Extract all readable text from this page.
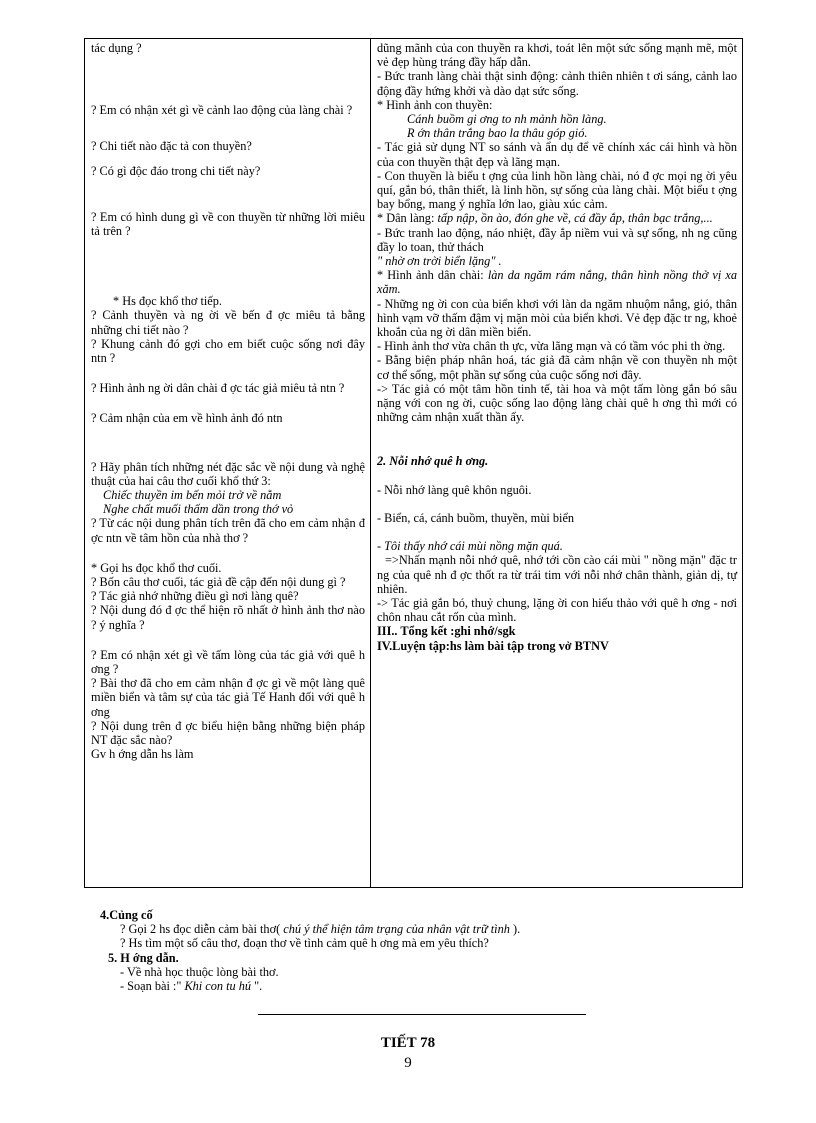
tác dụng ?

? Em có nhận xét gì về cảnh lao động của làng chài ?

? Chi tiết nào đặc tả con thuyền?

? Có gì độc đáo trong chi tiết này?

? Em có hình dung gì về con thuyền từ những lời miêu tả trên ?

* Hs đọc khổ thơ tiếp.

? Cảnh thuyền và ng ời về bến đ ợc miêu tả bằng những chi tiết nào ?

? Khung cảnh đó gợi cho em biết cuộc sống nơi đây ntn ?

? Hình ảnh ng ời dân chài đ ợc tác giả miêu tả ntn ?

? Cảm nhận của em về hình ảnh đó ntn

? Hãy phân tích những nét đặc sắc về nội dung và nghệ thuật của hai câu thơ cuối khổ thứ 3:

Chiếc thuyền im bến mỏi trở về nằm

Nghe chất muối thấm dần trong thớ vỏ

? Từ các nội dung phân tích trên đã cho em cảm nhận đ ợc ntn về tâm hồn của nhà thơ ?

* Gọi hs đọc khổ thơ cuối.

? Bốn câu thơ cuối, tác giả đề cập đến nội dung gì ?

? Tác giả nhớ những điều gì nơi làng quê?

? Nội dung đó đ ợc thể hiện rõ nhất ở hình ảnh thơ nào ? ý nghĩa ?

? Em có nhận xét gì về tấm lòng của tác giả với quê h ơng ?

? Bài thơ đã cho em cảm nhận đ ợc gì về một làng quê miền biển và tâm sự của tác giả Tế Hanh đối với quê h ơng

? Nội dung trên đ ợc biểu hiện bằng những biện pháp NT đặc sắc nào?

Gv h ớng dẫn hs làm

dũng mãnh của con thuyền ra khơi, toát lên một sức sống mạnh mẽ, một vẻ đẹp hùng tráng đầy hấp dẫn.

- Bức tranh làng chài thật sinh động: cảnh thiên nhiên t ơi sáng, cảnh lao động đầy hứng khởi và dào dạt sức sống.

* Hình ảnh con thuyền:

Cánh buồm gi ơng to nh mảnh hồn làng.

R ớn thân trắng bao la thâu góp gió.

- Tác giả sử dụng NT so sánh và ẩn dụ để vẽ chính xác cái hình và hồn của con thuyền thật đẹp và lãng mạn.

- Con thuyền là biểu t ợng của linh hồn làng chài, nó đ ợc mọi ng ời yêu quí, gắn bó, thân thiết, là linh hồn, sự sống của làng chài. Một biểu t ợng bay bổng, mang ý nghĩa lớn lao, giàu xúc cảm.

* Dân làng: tấp nập, ồn ào, đón ghe về, cá đầy ắp, thân bạc trắng,...

- Bức tranh lao động, náo nhiệt, đầy ắp niềm vui và sự sống, nh ng cũng đầy lo toan, thử thách

" nhờ ơn trời biển lặng" .

* Hình ảnh dân chài: làn da ngăm rám nắng, thân hình nồng thở vị xa xăm.

- Những ng ời con của biển khơi với làn da ngăm nhuộm nắng, gió, thân hình vạm vỡ thấm đậm vị mặn mòi của biển khơi. Vẻ đẹp đặc tr ng, khoẻ khoắn của ng ời dân miền biển.

- Hình ảnh thơ vừa chân th ực, vừa lãng mạn và có tầm vóc phi th ờng.

- Bằng biện pháp nhân hoá, tác giả đã cảm nhận về con thuyền nh một cơ thể sống, một phần sự sống của cuộc sống nơi đây.

-> Tác giả có một tâm hồn tinh tế, tài hoa và một tấm lòng gắn bó sâu nặng với con ng ời, cuộc sống lao động làng chài quê h ơng thì mới có những cảm nhận xuất thần ấy.

2. Nỗi nhớ quê h ơng.

- Nỗi nhớ làng quê khôn nguôi.

- Biển, cá, cánh buồm, thuyền, mùi biển

- Tôi thấy nhớ cái mùi nồng mặn quá.

=>Nhấn mạnh nỗi nhớ quê, nhớ tới cồn cào cái mùi " nồng mặn" đặc tr ng của quê nh đ ợc thốt ra từ trái tim với nỗi nhớ chân thành, giản dị, tự nhiên.

-> Tác giả gắn bó, thuỷ chung, lặng ời con hiếu thảo với quê h ơng - nơi chôn nhau cắt rốn của mình.

III.. Tổng kết :ghi nhớ/sgk

IV.Luyện tập:hs làm bài tập trong vở BTNV

4.Củng cố

? Gọi 2 hs đọc diễn cảm bài thơ( chú ý thể hiện tâm trạng của nhân vật trữ tình ).

? Hs tìm một số câu thơ, đoạn thơ về tình cảm quê h ơng mà em yêu thích?

5. H ớng dẫn.

- Về nhà học thuộc lòng bài thơ.

- Soạn bài :" Khi con tu hú ".

TIẾT 78
9
